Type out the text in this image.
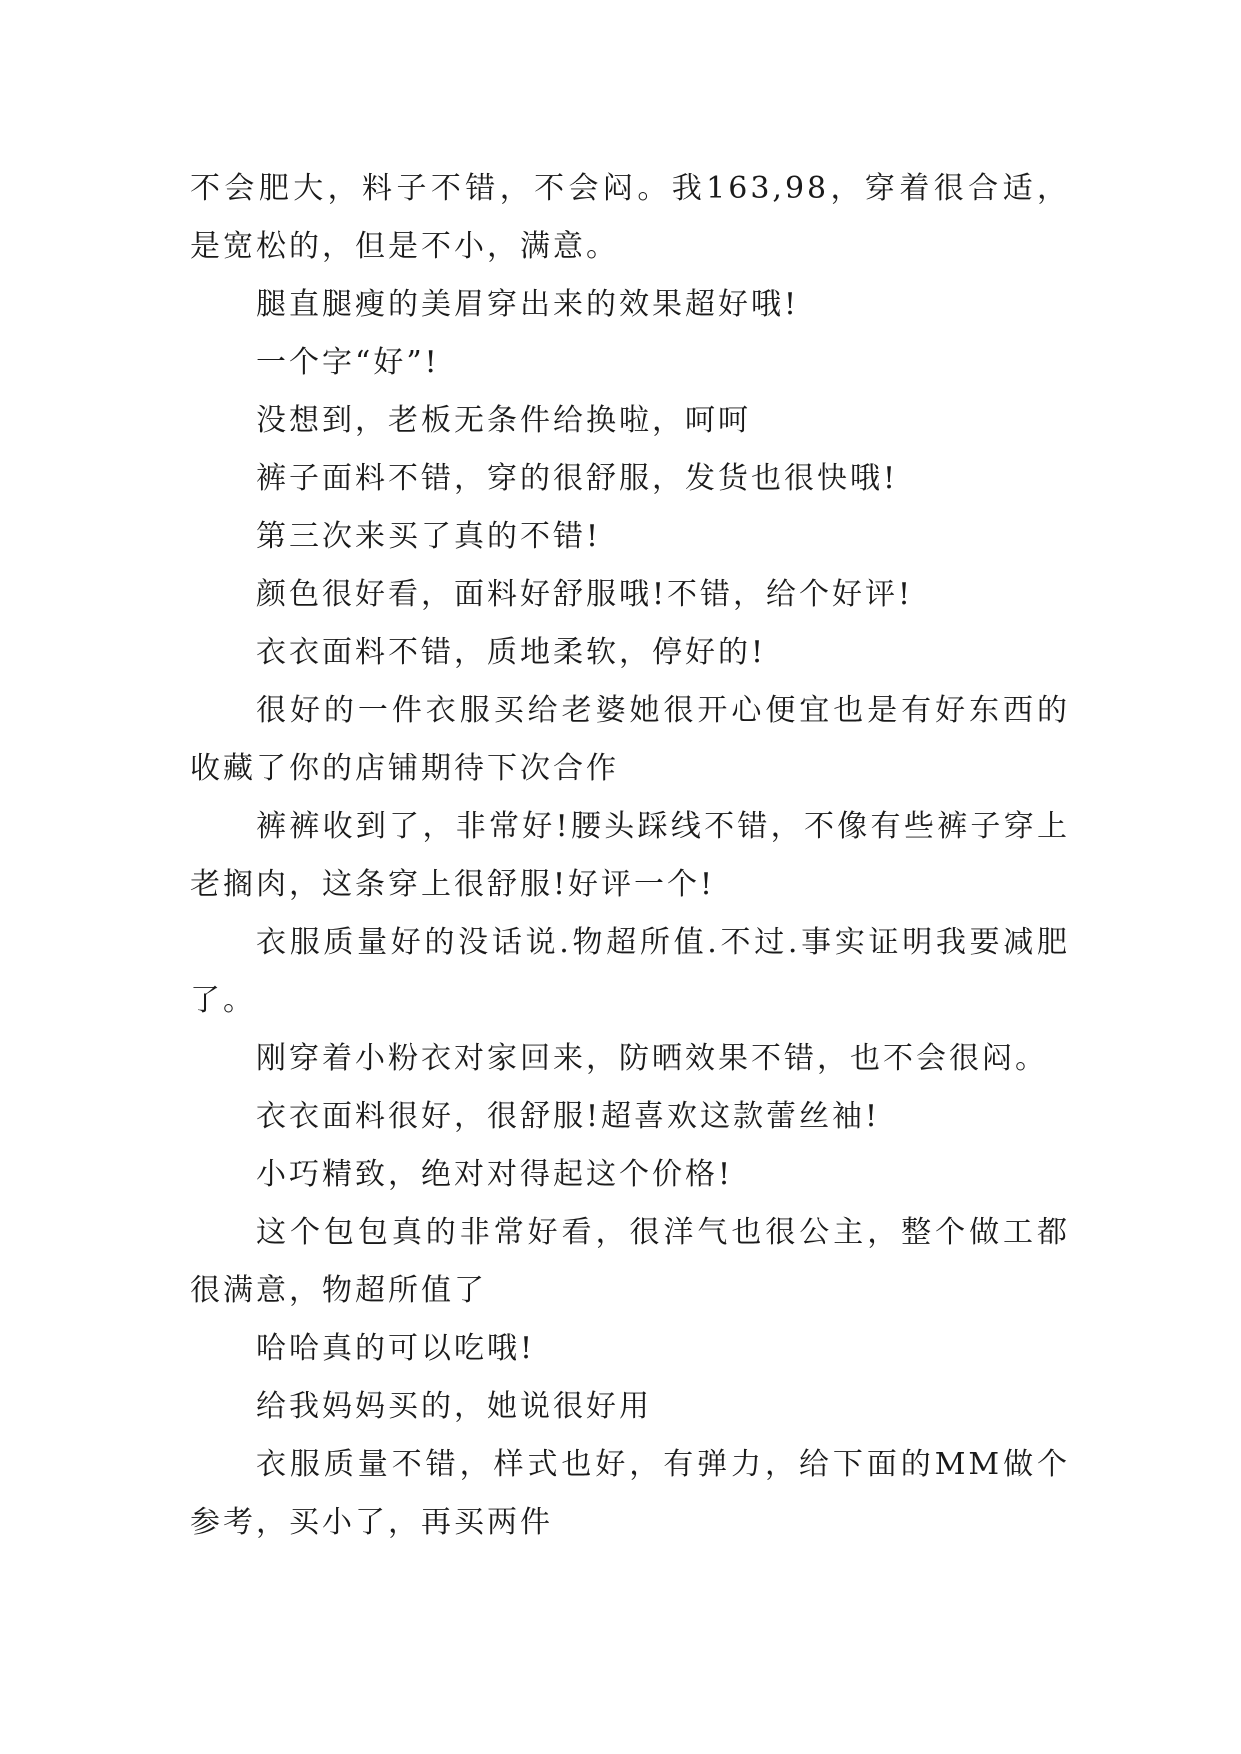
不会肥大，料子不错，不会闷。我163,98，穿着很合适，是宽松的，但是不小，满意。

腿直腿瘦的美眉穿出来的效果超好哦!

一个字“好”!

没想到，老板无条件给换啦，呵呵

裤子面料不错，穿的很舒服，发货也很快哦!

第三次来买了真的不错!

颜色很好看，面料好舒服哦!不错，给个好评!

衣衣面料不错，质地柔软，停好的!

很好的一件衣服买给老婆她很开心便宜也是有好东西的收藏了你的店铺期待下次合作

裤裤收到了，非常好!腰头踩线不错，不像有些裤子穿上老搁肉，这条穿上很舒服!好评一个!

衣服质量好的没话说.物超所值.不过.事实证明我要减肥了。

刚穿着小粉衣对家回来，防晒效果不错，也不会很闷。

衣衣面料很好，很舒服!超喜欢这款蕾丝袖!

小巧精致，绝对对得起这个价格!

这个包包真的非常好看，很洋气也很公主，整个做工都很满意，物超所值了

哈哈真的可以吃哦!

给我妈妈买的，她说很好用

衣服质量不错，样式也好，有弹力，给下面的MM做个参考，买小了，再买两件
